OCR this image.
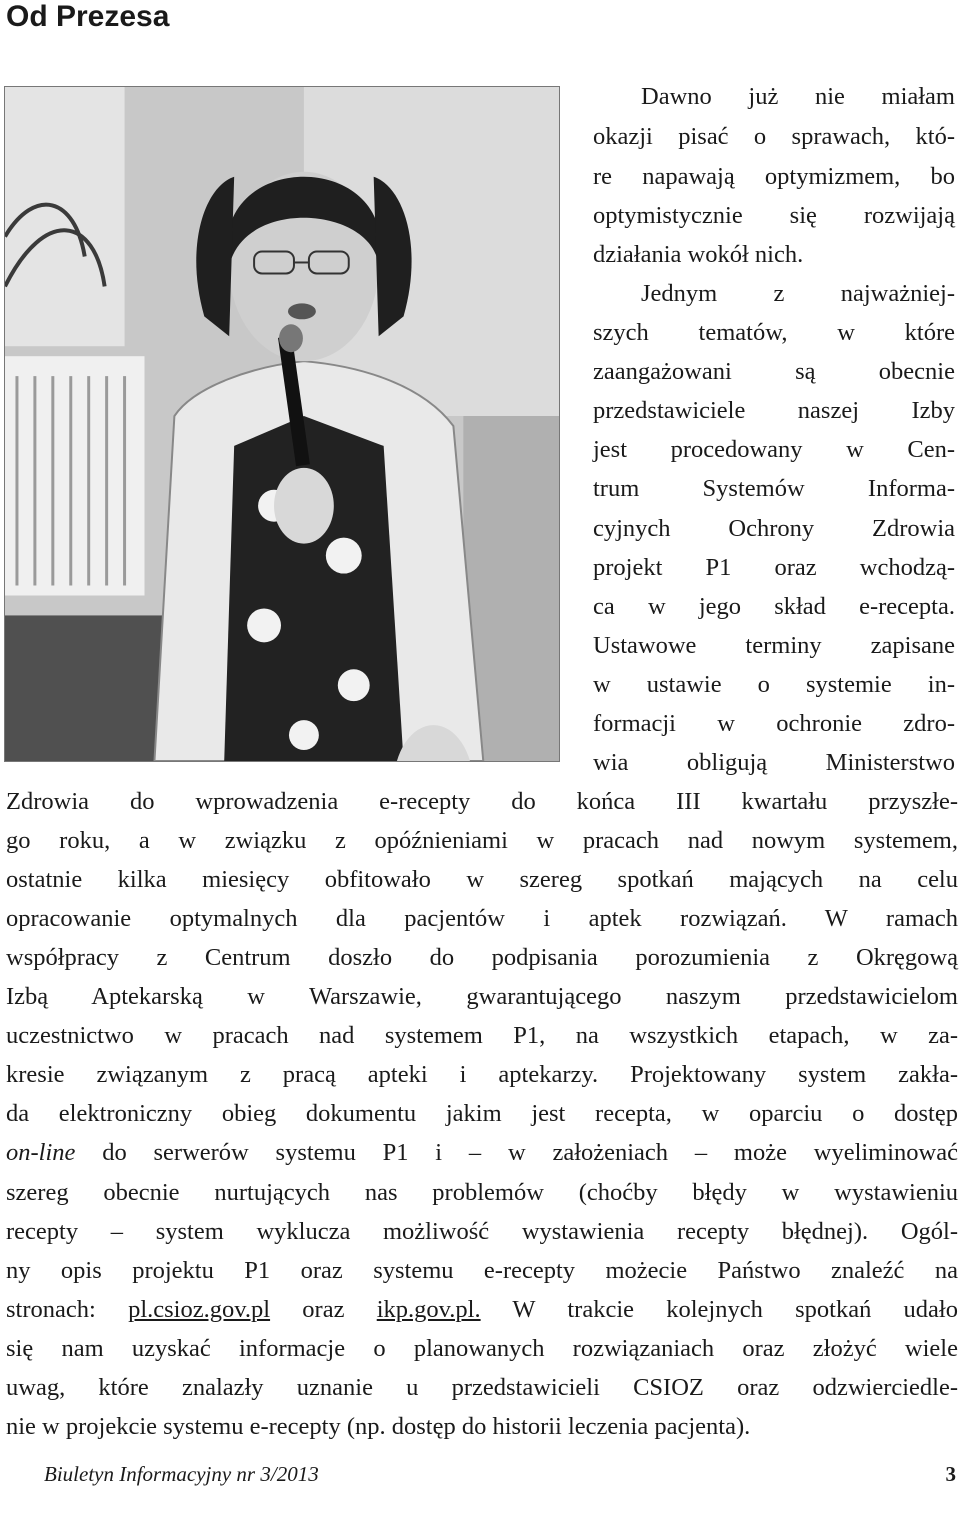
Od Prezesa
Dawno już nie miałam
okazji pisać o sprawach, któ-
re napawają optymizmem, bo
optymistycznie się rozwijają
działania wokół nich.
Jednym z najważniej-
szych tematów, w które
zaangażowani są obecnie
przedstawiciele naszej Izby
jest procedowany w Cen-
trum Systemów Informa-
cyjnych Ochrony Zdrowia
projekt P1 oraz wchodzą-
ca w jego skład e-recepta.
Ustawowe terminy zapisane
w ustawie o systemie in-
formacji w ochronie zdro-
wia obligują Ministerstwo
Zdrowia do wprowadzenia e-recepty do końca III kwartału przyszłe-
go roku, a w związku z opóźnieniami w pracach nad nowym systemem,
ostatnie kilka miesięcy obfitowało w szereg spotkań mających na celu
opracowanie optymalnych dla pacjentów i aptek rozwiązań. W ramach
współpracy z Centrum doszło do podpisania porozumienia z Okręgową
Izbą Aptekarską w Warszawie, gwarantującego naszym przedstawicielom
uczestnictwo w pracach nad systemem P1, na wszystkich etapach, w za-
kresie związanym z pracą apteki i aptekarzy. Projektowany system zakła-
da elektroniczny obieg dokumentu jakim jest recepta, w oparciu o dostęp
on-line do serwerów systemu P1 i – w założeniach – może wyeliminować
szereg obecnie nurtujących nas problemów (choćby błędy w wystawieniu
recepty – system wyklucza możliwość wystawienia recepty błędnej). Ogól-
ny opis projektu P1 oraz systemu e-recepty możecie Państwo znaleźć na
stronach: pl.csioz.gov.pl oraz ikp.gov.pl. W trakcie kolejnych spotkań udało
się nam uzyskać informacje o planowanych rozwiązaniach oraz złożyć wiele
uwag, które znalazły uznanie u przedstawicieli CSIOZ oraz odzwierciedle-
nie w projekcie systemu e-recepty (np. dostęp do historii leczenia pacjenta).
Biuletyn Informacyjny nr 3/2013	3
